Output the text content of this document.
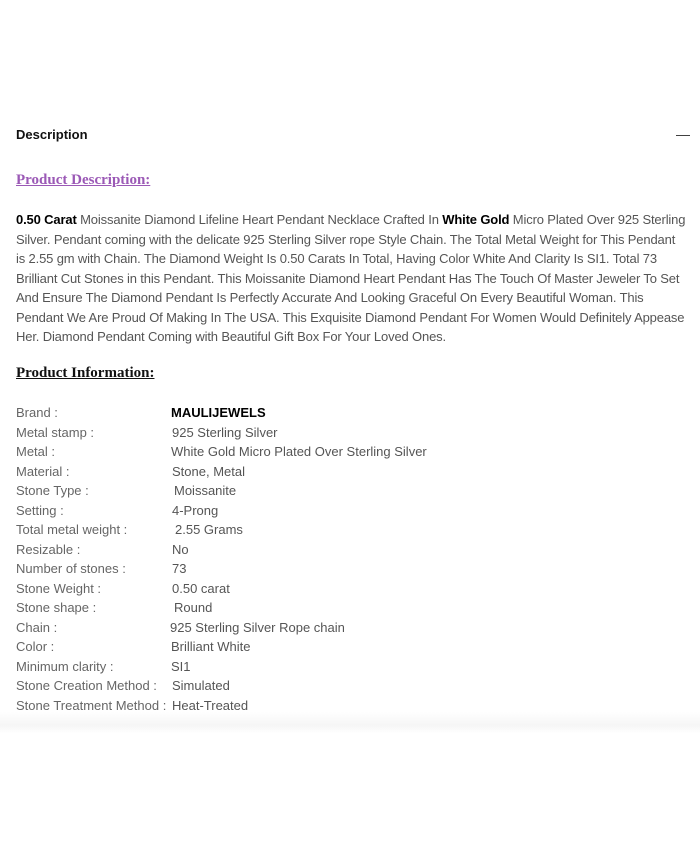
Description	—
Product Description:
0.50 Carat Moissanite Diamond Lifeline Heart Pendant Necklace Crafted In White Gold Micro Plated Over 925 Sterling
Silver. Pendant coming with the delicate 925 Sterling Silver rope Style Chain. The Total Metal Weight for This Pendant
is 2.55 gm with Chain. The Diamond Weight Is 0.50 Carats In Total, Having Color White And Clarity Is SI1. Total 73
Brilliant Cut Stones in this Pendant. This Moissanite Diamond Heart Pendant Has The Touch Of Master Jeweler To Set
And Ensure The Diamond Pendant Is Perfectly Accurate And Looking Graceful On Every Beautiful Woman. This
Pendant We Are Proud Of Making In The USA. This Exquisite Diamond Pendant For Women Would Definitely Appease
Her. Diamond Pendant Coming with Beautiful Gift Box For Your Loved Ones.
Product Information:
Brand :	MAULIJEWELS
Metal stamp :	925 Sterling Silver
Metal :	White Gold Micro Plated Over Sterling Silver
Material :	Stone, Metal
Stone Type :	Moissanite
Setting :	4-Prong
Total metal weight :	2.55 Grams
Resizable :	No
Number of stones :	73
Stone Weight :	0.50 carat
Stone shape :	Round
Chain :	925 Sterling Silver Rope chain
Color :	Brilliant White
Minimum clarity :	SI1
Stone Creation Method : Simulated
Stone Treatment Method : Heat-Treated
